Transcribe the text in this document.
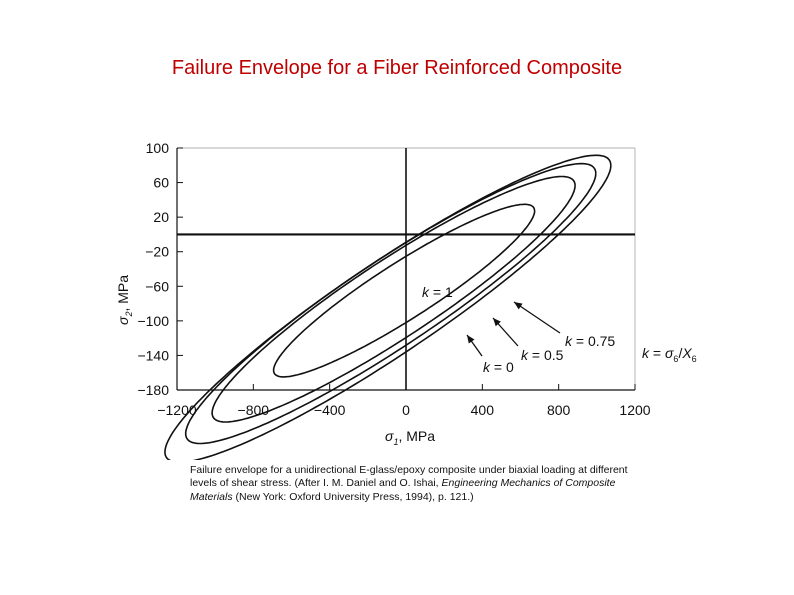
Failure Envelope for a Fiber Reinforced Composite
−1200	−800	−400	0	400	800	1200
100
60
20
−20
−60
−100
−140
−180
$\sigma_1$, MPa
$\sigma_2$, MPa	k = 1
k = 0.75
k = 0.5
k = 0
$k = \sigma_6/X_6$
Failure envelope for a unidirectional E-glass/epoxy composite under biaxial loading at different levels of shear stress. (After I. M. Daniel and O. Ishai, Engineering Mechanics of Composite Materials (New York: Oxford University Press, 1994), p. 121.)
